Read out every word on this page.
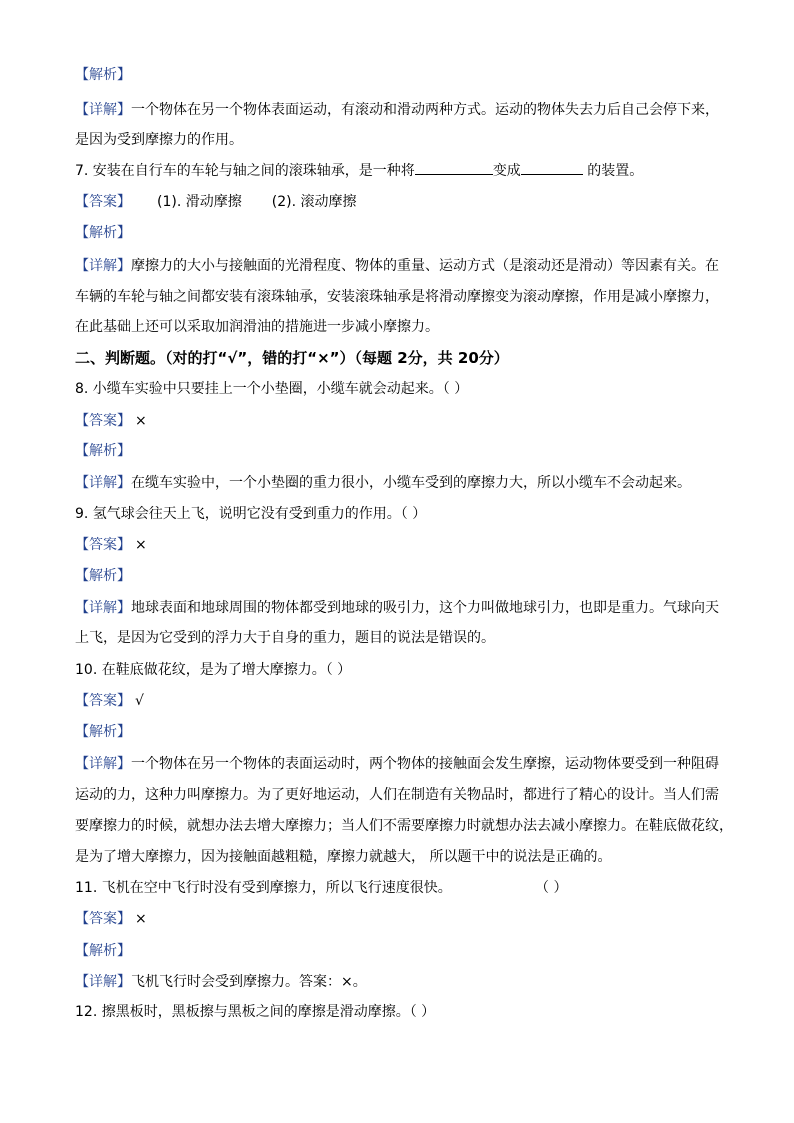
【解析】
【详解】一个物体在另一个物体表面运动，有滚动和滑动两种方式。运动的物体失去力后自己会停下来，
是因为受到摩擦力的作用。
7. 安装在自行车的车轮与轴之间的滚珠轴承，是一种将	变成	的装置。
【答案】 (1). 滑动摩擦 (2). 滚动摩擦
【解析】
【详解】摩擦力的大小与接触面的光滑程度、物体的重量、运动方式（是滚动还是滑动）等因素有关。在
车辆的车轮与轴之间都安装有滚珠轴承，安装滚珠轴承是将滑动摩擦变为滚动摩擦，作用是减小摩擦力，
在此基础上还可以采取加润滑油的措施进一步减小摩擦力。
二、判断题。（对的打“√”，错的打“×”）（每题 2分，共 20分）
8. 小缆车实验中只要挂上一个小垫圈，小缆车就会动起来。（ ）
【答案】 ×
【解析】
【详解】在缆车实验中，一个小垫圈的重力很小，小缆车受到的摩擦力大，所以小缆车不会动起来。
9. 氢气球会往天上飞，说明它没有受到重力的作用。（ ）
【答案】 ×
【解析】
【详解】地球表面和地球周围的物体都受到地球的吸引力，这个力叫做地球引力，也即是重力。气球向天
上飞，是因为它受到的浮力大于自身的重力，题目的说法是错误的。
10. 在鞋底做花纹，是为了增大摩擦力。（ ）
【答案】 √
【解析】
【详解】一个物体在另一个物体的表面运动时，两个物体的接触面会发生摩擦，运动物体要受到一种阻碍
运动的力，这种力叫摩擦力。为了更好地运动，人们在制造有关物品时，都进行了精心的设计。当人们需
要摩擦力的时候，就想办法去增大摩擦力；当人们不需要摩擦力时就想办法去减小摩擦力。在鞋底做花纹，
是为了增大摩擦力，因为接触面越粗糙，摩擦力就越大， 所以题干中的说法是正确的。
11. 飞机在空中飞行时没有受到摩擦力，所以飞行速度很快。	（ ）
【答案】 ×
【解析】
【详解】飞机飞行时会受到摩擦力。答案：×。
12. 擦黑板时，黑板擦与黑板之间的摩擦是滑动摩擦。（ ）
